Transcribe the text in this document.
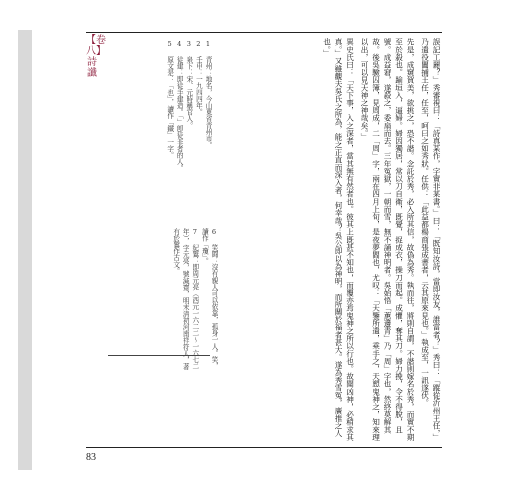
【卷八】詩讖	誤記工麗？」秀審視曰：「詩真某作，字實非某書。」曰：「既知汝詩，當即汝友，誰當者？」秀曰：「蹤從沂州王任，」乃遣役闔捕王任，任至，呵曰之如秀狀。任供：「此益都楊商張成書者，云其原來見也。」執成至，一訊遂伏。

先是，成窺賀美，欲挑之，恐不諧。念託於秀，必入所其信，故偽為秀。執而往，將則自謂，不諧則嫁名於秀，而實不期至於殺也。踰垣入，逼婦。婦因獨居，常以刀自衛，既覺，捉成衣，操刀而起。成懼，奪其刀。婦力挽，令不得脫，且號。成益窘，遂殺之，委扇而去。三年冤獄，一朝而雪，無不誦神明者。吳始悟「蕙邊青」乃「周」字也，然終莫解其故。後吳驗囚簿，見周成，二「周」字，兩在四月上旬，是夜夢閻也，尤叹：「天鑒所遣，乘手之，天愬鬼神之，知來理以出，可以見天神之神哉矣。」

異史氏曰：「天下事，入之深者，當其無有然者也。彼其上既甚不知也，而覆亦焉鬼神之所以行也。故聞凶神，必稍求其真。」又雖觀夫吳氏之所為，能之正直而深入者，何幸哉？吳公即以為神明，而所關於福者甚大。遂為秀雪冤，廣推之人也。」

1 青州：地名，今山東省青州市。

2 壬申：一九四四年。

3 泉下：宋、元時稱官人。

4 徒建：即徒手建造。「」卽徒非者的人。

5 原文是：「也」，讀作「鐵」一字。

6 笑闘：沒有親人可以依靠，孤身一人。笑，讀作「瓊」。

7 紀鷲：即周元亮（西元一六二二～一六七二年），字元亮，號減齋，明末清初河南祥符人，著有於鷲作古文。

83
